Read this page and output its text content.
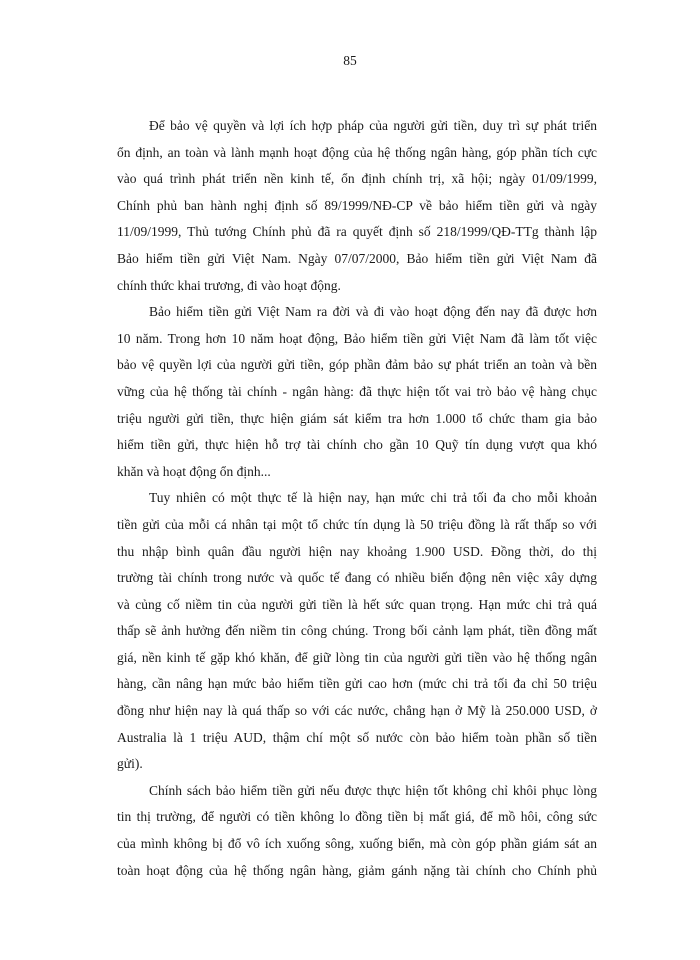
85
Để bảo vệ quyền và lợi ích hợp pháp của người gửi tiền, duy trì sự phát triển
ổn định, an toàn và lành mạnh hoạt động của hệ thống ngân hàng, góp phần tích cực
vào quá trình phát triển nền kinh tế, ổn định chính trị, xã hội; ngày 01/09/1999,
Chính phủ ban hành nghị định số 89/1999/NĐ-CP về bảo hiểm tiền gửi và ngày
11/09/1999, Thủ tướng Chính phủ đã ra quyết định số 218/1999/QĐ-TTg thành lập
Bảo hiểm tiền gửi Việt Nam. Ngày 07/07/2000, Bảo hiểm tiền gửi Việt Nam đã
chính thức khai trương, đi vào hoạt động.
Bảo hiểm tiền gửi Việt Nam ra đời và đi vào hoạt động đến nay đã được hơn
10 năm. Trong hơn 10 năm hoạt động, Bảo hiểm tiền gửi Việt Nam đã làm tốt việc
bảo vệ quyền lợi của người gửi tiền, góp phần đảm bảo sự phát triển an toàn và bền
vững của hệ thống tài chính - ngân hàng: đã thực hiện tốt vai trò bảo vệ hàng chục
triệu người gửi tiền, thực hiện giám sát kiểm tra hơn 1.000 tổ chức tham gia bảo
hiểm tiền gửi, thực hiện hỗ trợ tài chính cho gần 10 Quỹ tín dụng vượt qua khó
khăn và hoạt động ổn định...
Tuy nhiên có một thực tế là hiện nay, hạn mức chi trả tối đa cho mỗi khoản
tiền gửi của mỗi cá nhân tại một tổ chức tín dụng là 50 triệu đồng là rất thấp so với
thu nhập bình quân đầu người hiện nay khoảng 1.900 USD. Đồng thời, do thị
trường tài chính trong nước và quốc tế đang có nhiều biến động nên việc xây dựng
và củng cố niềm tin của người gửi tiền là hết sức quan trọng. Hạn mức chi trả quá
thấp sẽ ảnh hưởng đến niềm tin công chúng. Trong bối cảnh lạm phát, tiền đồng mất
giá, nền kinh tế gặp khó khăn, để giữ lòng tin của người gửi tiền vào hệ thống ngân
hàng, cần nâng hạn mức bảo hiểm tiền gửi cao hơn (mức chi trả tối đa chỉ 50 triệu
đồng như hiện nay là quá thấp so với các nước, chẳng hạn ở Mỹ là 250.000 USD, ở
Australia là 1 triệu AUD, thậm chí một số nước còn bảo hiểm toàn phần số tiền
gửi).
Chính sách bảo hiểm tiền gửi nếu được thực hiện tốt không chỉ khôi phục lòng
tin thị trường, để người có tiền không lo đồng tiền bị mất giá, để mồ hôi, công sức
của mình không bị đổ vô ích xuống sông, xuống biển, mà còn góp phần giám sát an
toàn hoạt động của hệ thống ngân hàng, giảm gánh nặng tài chính cho Chính phủ
